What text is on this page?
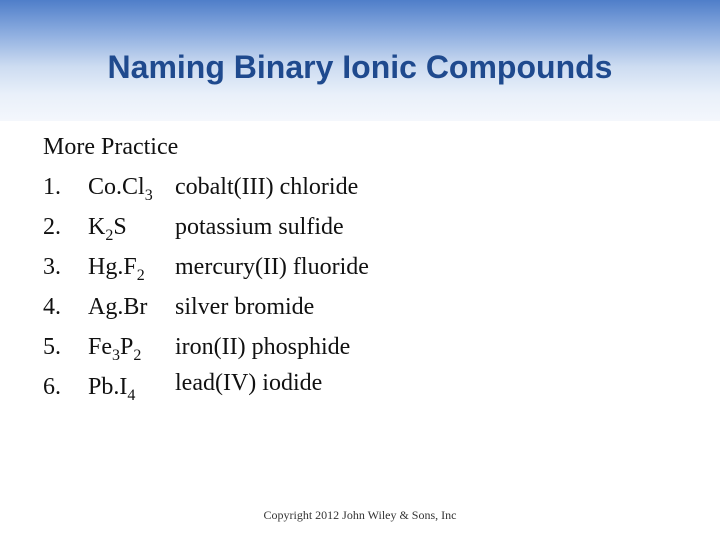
Naming Binary Ionic Compounds
More Practice
1. $Co.Cl_3$ cobalt(III) chloride
2. $K_2S$ potassium sulfide
3. $Hg.F_2$ mercury(II) fluoride
4. Ag.Br silver bromide
5. $Fe_3P_2$ iron(II) phosphide
6. $Pb.I_4$ lead(IV) iodide
Copyright 2012 John Wiley & Sons, Inc
